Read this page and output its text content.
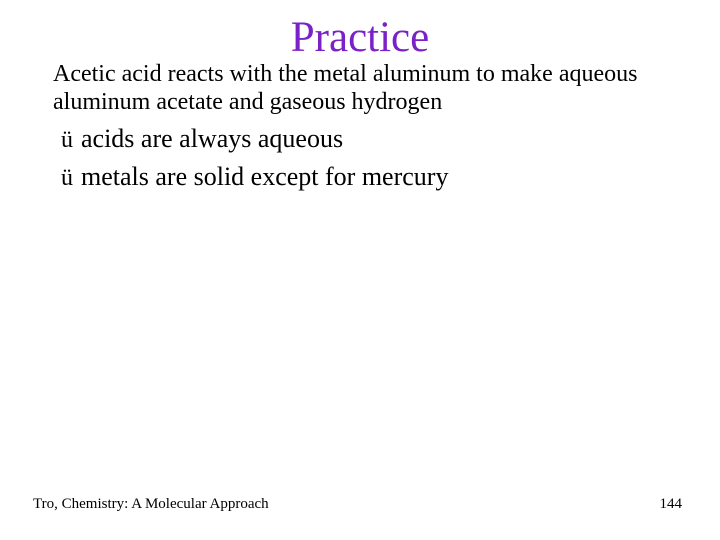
Practice

Acetic acid reacts with the metal aluminum to make aqueous aluminum acetate and gaseous hydrogen

ü acids are always aqueous
ü metals are solid except for mercury
Tro, Chemistry: A Molecular Approach	144
